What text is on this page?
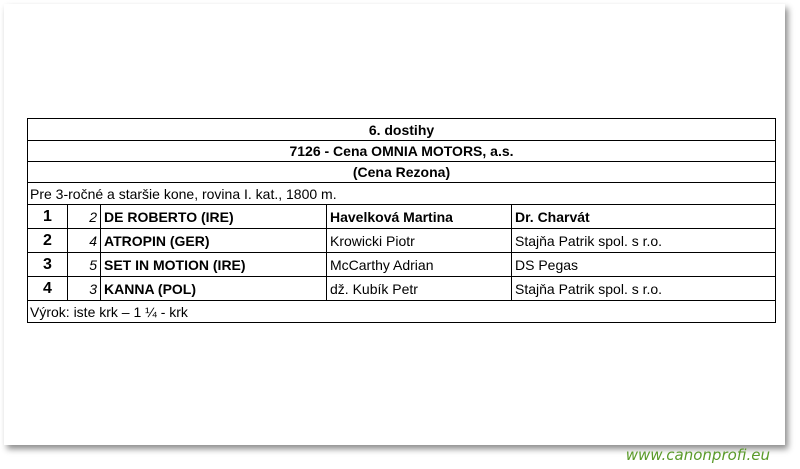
6. dostihy
7126 - Cena OMNIA MOTORS, a.s.
(Cena Rezona)
Pre 3-ročné a staršie kone, rovina I. kat., 1800 m.
1	2 DE ROBERTO (IRE)	Havelková Martina	Dr. Charvát
2	4 ATROPIN (GER)	Krowicki Piotr	Stajňa Patrik spol. s r.o.
3	5 SET IN MOTION (IRE)	McCarthy Adrian	DS Pegas
4	3 KANNA (POL)	dž. Kubík Petr	Stajňa Patrik spol. s r.o.
Výrok: iste krk – 1 ¼ - krk
www.canonprofi.eu
